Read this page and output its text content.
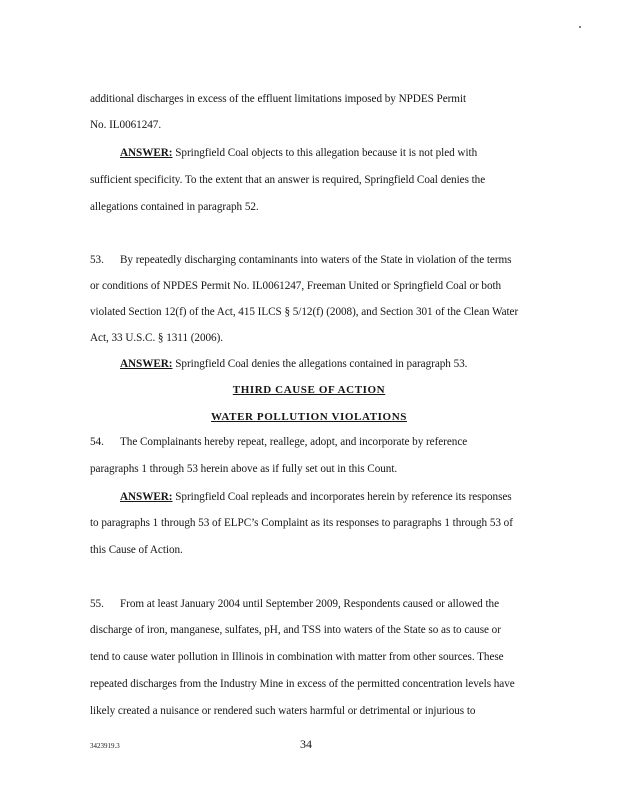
additional discharges in excess of the effluent limitations imposed by NPDES Permit
No. IL0061247.
ANSWER: Springfield Coal objects to this allegation because it is not pled with
sufficient specificity. To the extent that an answer is required, Springfield Coal denies the
allegations contained in paragraph 52.
53. By repeatedly discharging contaminants into waters of the State in violation of the terms
or conditions of NPDES Permit No. IL0061247, Freeman United or Springfield Coal or both
violated Section 12(f) of the Act, 415 ILCS § 5/12(f) (2008), and Section 301 of the Clean Water
Act, 33 U.S.C. § 1311 (2006).
ANSWER: Springfield Coal denies the allegations contained in paragraph 53.
THIRD CAUSE OF ACTION
WATER POLLUTION VIOLATIONS
54. The Complainants hereby repeat, reallege, adopt, and incorporate by reference
paragraphs 1 through 53 herein above as if fully set out in this Count.
ANSWER: Springfield Coal repleads and incorporates herein by reference its responses
to paragraphs 1 through 53 of ELPC’s Complaint as its responses to paragraphs 1 through 53 of
this Cause of Action.
55. From at least January 2004 until September 2009, Respondents caused or allowed the
discharge of iron, manganese, sulfates, pH, and TSS into waters of the State so as to cause or
tend to cause water pollution in Illinois in combination with matter from other sources. These
repeated discharges from the Industry Mine in excess of the permitted concentration levels have
likely created a nuisance or rendered such waters harmful or detrimental or injurious to
3423919.3	34
